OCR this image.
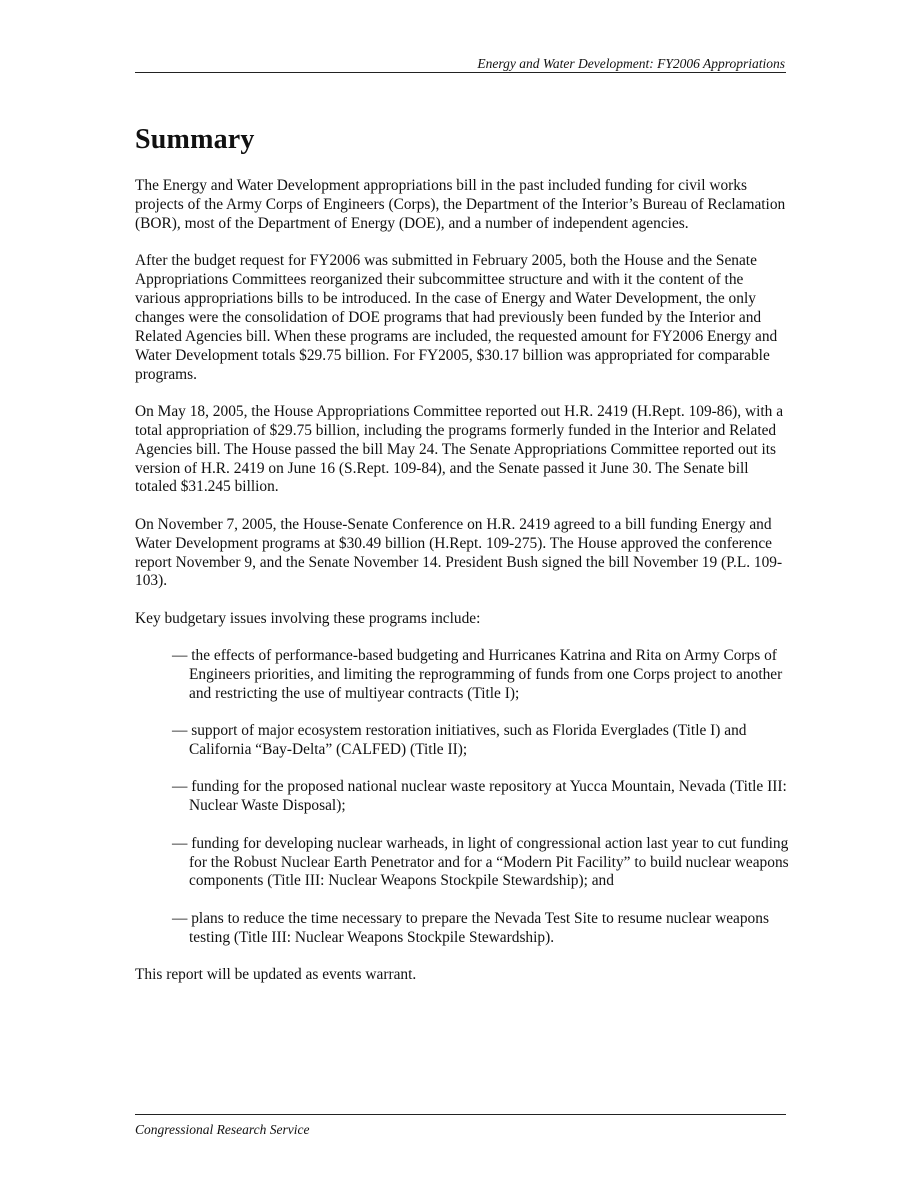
Energy and Water Development: FY2006 Appropriations
Summary

The Energy and Water Development appropriations bill in the past included funding for civil works projects of the Army Corps of Engineers (Corps), the Department of the Interior’s Bureau of Reclamation (BOR), most of the Department of Energy (DOE), and a number of independent agencies.

After the budget request for FY2006 was submitted in February 2005, both the House and the Senate Appropriations Committees reorganized their subcommittee structure and with it the content of the various appropriations bills to be introduced. In the case of Energy and Water Development, the only changes were the consolidation of DOE programs that had previously been funded by the Interior and Related Agencies bill. When these programs are included, the requested amount for FY2006 Energy and Water Development totals $29.75 billion. For FY2005, $30.17 billion was appropriated for comparable programs.

On May 18, 2005, the House Appropriations Committee reported out H.R. 2419 (H.Rept. 109-86), with a total appropriation of $29.75 billion, including the programs formerly funded in the Interior and Related Agencies bill. The House passed the bill May 24. The Senate Appropriations Committee reported out its version of H.R. 2419 on June 16 (S.Rept. 109-84), and the Senate passed it June 30. The Senate bill totaled $31.245 billion.

On November 7, 2005, the House-Senate Conference on H.R. 2419 agreed to a bill funding Energy and Water Development programs at $30.49 billion (H.Rept. 109-275). The House approved the conference report November 9, and the Senate November 14. President Bush signed the bill November 19 (P.L. 109-103).

Key budgetary issues involving these programs include:

— the effects of performance-based budgeting and Hurricanes Katrina and Rita on Army Corps of Engineers priorities, and limiting the reprogramming of funds from one Corps project to another and restricting the use of multiyear contracts (Title I);
— support of major ecosystem restoration initiatives, such as Florida Everglades (Title I) and California “Bay-Delta” (CALFED) (Title II);
— funding for the proposed national nuclear waste repository at Yucca Mountain, Nevada (Title III: Nuclear Waste Disposal);
— funding for developing nuclear warheads, in light of congressional action last year to cut funding for the Robust Nuclear Earth Penetrator and for a “Modern Pit Facility” to build nuclear weapons components (Title III: Nuclear Weapons Stockpile Stewardship); and
— plans to reduce the time necessary to prepare the Nevada Test Site to resume nuclear weapons testing (Title III: Nuclear Weapons Stockpile Stewardship).

This report will be updated as events warrant.

Congressional Research Service
